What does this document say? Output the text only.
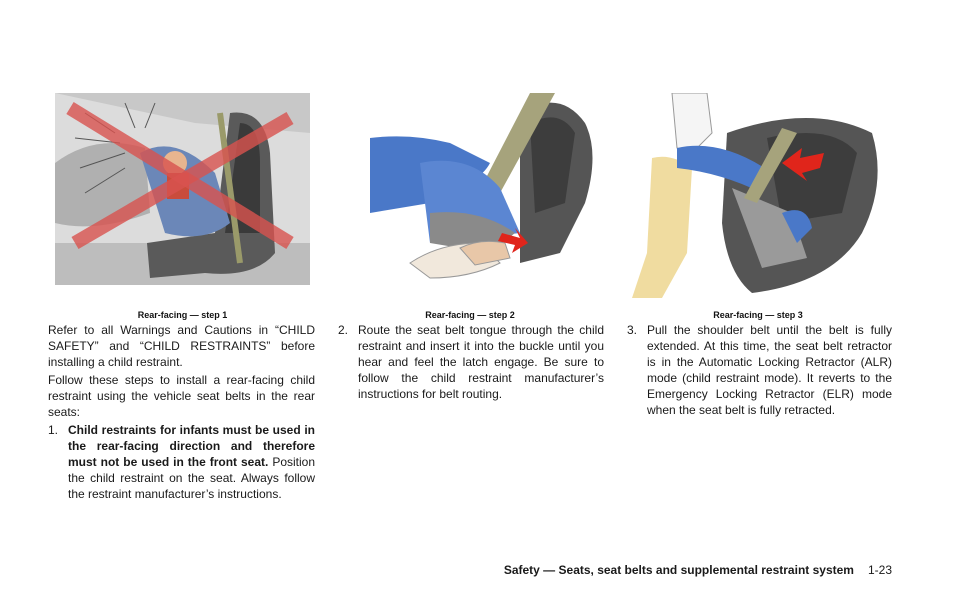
Rear-facing — step 1	Rear-facing — step 2	Rear-facing — step 3

Refer to all Warnings and Cautions in “CHILD SAFETY” and “CHILD RESTRAINTS” before installing a child restraint.

Follow these steps to install a rear-facing child restraint using the vehicle seat belts in the rear seats:

1. Child restraints for infants must be used in the rear-facing direction and therefore must not be used in the front seat. Position the child restraint on the seat. Always follow the restraint manufacturer’s instructions.
2. Route the seat belt tongue through the child restraint and insert it into the buckle until you hear and feel the latch engage. Be sure to follow the child restraint manufacturer’s instructions for belt routing.
3. Pull the shoulder belt until the belt is fully extended. At this time, the seat belt retractor is in the Automatic Locking Retractor (ALR) mode (child restraint mode). It reverts to the Emergency Locking Retractor (ELR) mode when the seat belt is fully retracted.
Safety — Seats, seat belts and supplemental restraint system 1-23
